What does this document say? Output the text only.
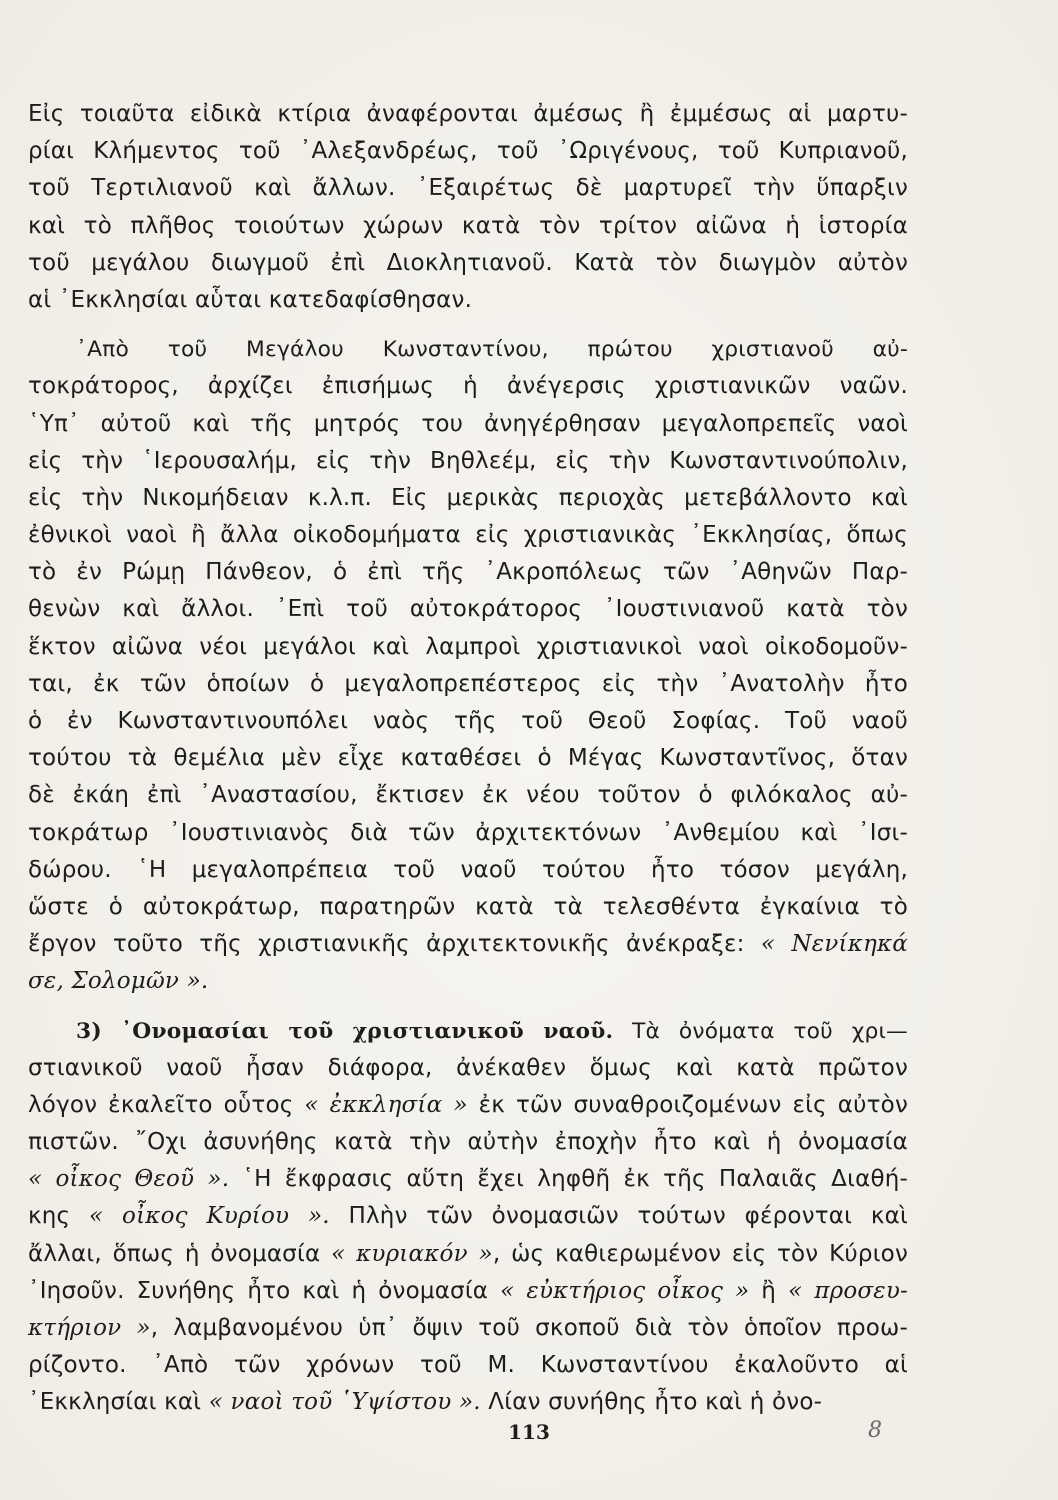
Εἰς τοιαῦτα εἰδικὰ κτίρια ἀναφέρονται ἀμέσως ἢ ἐμμέσως αἱ μαρτυ-
ρίαι Κλήμεντος τοῦ ᾿Αλεξανδρέως, τοῦ ᾿Ωριγένους, τοῦ Κυπριανοῦ,
τοῦ Τερτιλιανοῦ καὶ ἄλλων. ᾿Εξαιρέτως δὲ μαρτυρεῖ τὴν ὕπαρξιν
καὶ τὸ πλῆθος τοιούτων χώρων κατὰ τὸν τρίτον αἰῶνα ἡ ἱστορία
τοῦ μεγάλου διωγμοῦ ἐπὶ Διοκλητιανοῦ. Κατὰ τὸν διωγμὸν αὐτὸν
αἱ ᾿Εκκλησίαι αὗται κατεδαφίσθησαν.
᾿Απὸ τοῦ Μεγάλου Κωνσταντίνου, πρώτου χριστιανοῦ αὐ-
τοκράτορος, ἀρχίζει ἐπισήμως ἡ ἀνέγερσις χριστιανικῶν ναῶν.
῾Υπ᾿ αὐτοῦ καὶ τῆς μητρός του ἀνηγέρθησαν μεγαλοπρεπεῖς ναοὶ
εἰς τὴν ῾Ιερουσαλήμ, εἰς τὴν Βηθλεέμ, εἰς τὴν Κωνσταντινούπολιν,
εἰς τὴν Νικομήδειαν κ.λ.π. Εἰς μερικὰς περιοχὰς μετεβάλλοντο καὶ
ἐθνικοὶ ναοὶ ἢ ἄλλα οἰκοδομήματα εἰς χριστιανικὰς ᾿Εκκλησίας, ὅπως
τὸ ἐν Ρώμῃ Πάνθεον, ὁ ἐπὶ τῆς ᾿Ακροπόλεως τῶν ᾿Αθηνῶν Παρ-
θενὼν καὶ ἄλλοι. ᾿Επὶ τοῦ αὐτοκράτορος ᾿Ιουστινιανοῦ κατὰ τὸν
ἕκτον αἰῶνα νέοι μεγάλοι καὶ λαμπροὶ χριστιανικοὶ ναοὶ οἰκοδομοῦν-
ται, ἐκ τῶν ὁποίων ὁ μεγαλοπρεπέστερος εἰς τὴν ᾿Ανατολὴν ἦτο
ὁ ἐν Κωνσταντινουπόλει ναὸς τῆς τοῦ Θεοῦ Σοφίας. Τοῦ ναοῦ
τούτου τὰ θεμέλια μὲν εἶχε καταθέσει ὁ Μέγας Κωνσταντῖνος, ὅταν
δὲ ἐκάη ἐπὶ ᾿Αναστασίου, ἔκτισεν ἐκ νέου τοῦτον ὁ φιλόκαλος αὐ-
τοκράτωρ ᾿Ιουστινιανὸς διὰ τῶν ἀρχιτεκτόνων ᾿Ανθεμίου καὶ ᾿Ισι-
δώρου. ῾Η μεγαλοπρέπεια τοῦ ναοῦ τούτου ἦτο τόσον μεγάλη,
ὥστε ὁ αὐτοκράτωρ, παρατηρῶν κατὰ τὰ τελεσθέντα ἐγκαίνια τὸ
ἔργον τοῦτο τῆς χριστιανικῆς ἀρχιτεκτονικῆς ἀνέκραξε: « Νενίκηκά
σε, Σολομῶν ».
3) ᾿Ονομασίαι τοῦ χριστιανικοῦ ναοῦ. Τὰ ὀνόματα τοῦ χρι—
στιανικοῦ ναοῦ ἦσαν διάφορα, ἀνέκαθεν ὅμως καὶ κατὰ πρῶτον
λόγον ἐκαλεῖτο οὗτος « ἐκκλησία » ἐκ τῶν συναθροιζομένων εἰς αὐτὸν
πιστῶν. ῎Οχι ἀσυνήθης κατὰ τὴν αὐτὴν ἐποχὴν ἦτο καὶ ἡ ὀνομασία
« οἶκος Θεοῦ ». ῾Η ἔκφρασις αὕτη ἔχει ληφθῆ ἐκ τῆς Παλαιᾶς Διαθή-
κης « οἶκος Κυρίου ». Πλὴν τῶν ὀνομασιῶν τούτων φέρονται καὶ
ἄλλαι, ὅπως ἡ ὀνομασία « κυριακόν », ὡς καθιερωμένον εἰς τὸν Κύριον
᾿Ιησοῦν. Συνήθης ἦτο καὶ ἡ ὀνομασία « εὐκτήριος οἶκος » ἢ « προσευ-
κτήριον », λαμβανομένου ὑπ᾿ ὄψιν τοῦ σκοποῦ διὰ τὸν ὁποῖον προω-
ρίζοντο. ᾿Απὸ τῶν χρόνων τοῦ Μ. Κωνσταντίνου ἐκαλοῦντο αἱ
᾿Εκκλησίαι καὶ « ναοὶ τοῦ ῾Υψίστου ». Λίαν συνήθης ἦτο καὶ ἡ ὀνο-
113	8
